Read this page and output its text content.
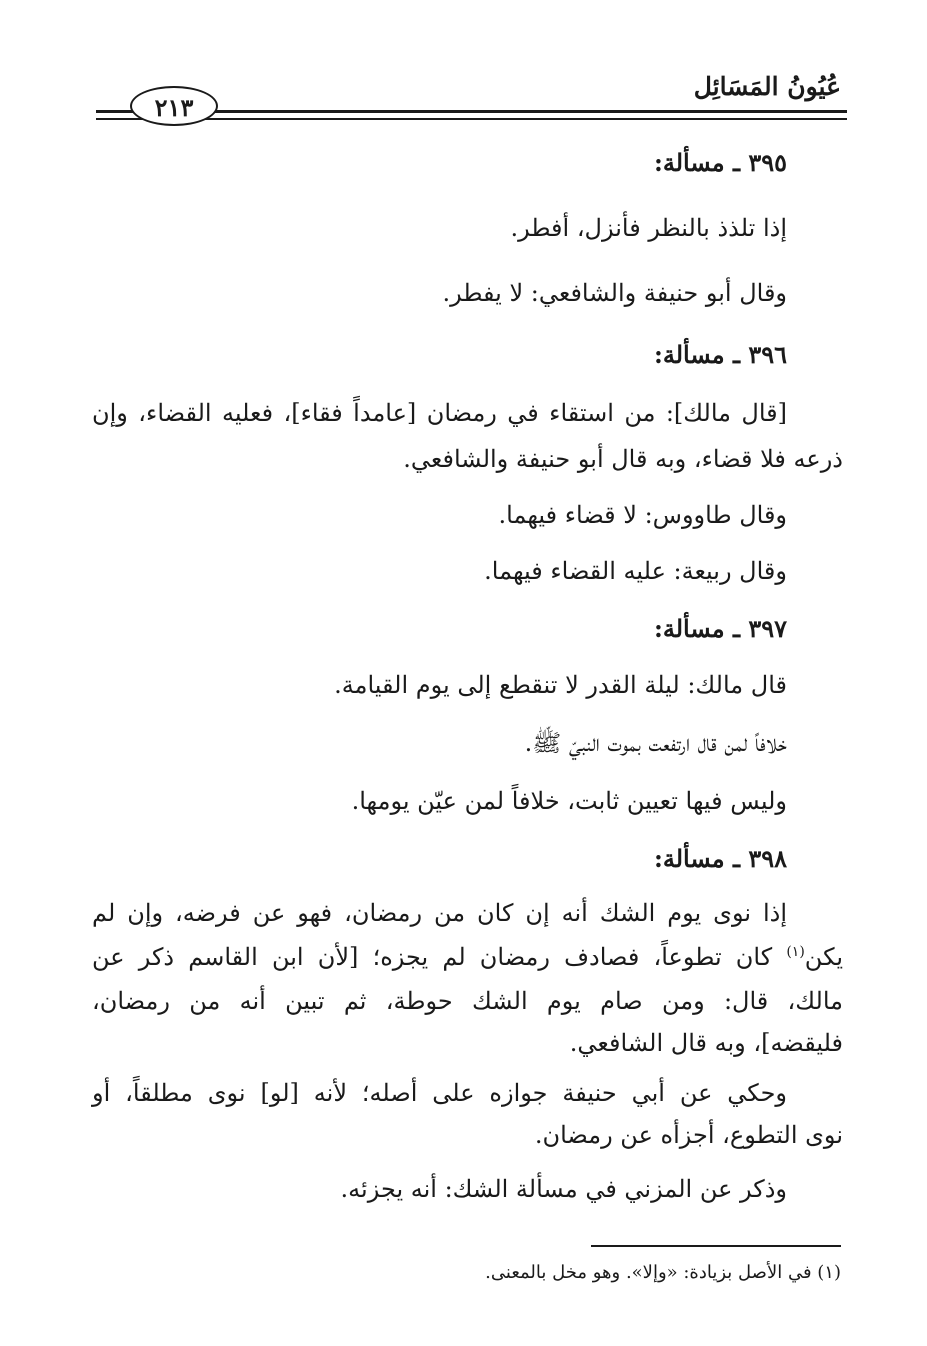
عُيُونُ المَسَائِل
٢١٣
٣٩٥ ـ مسألة:
إذا تلذذ بالنظر فأنزل، أفطر.
وقال أبو حنيفة والشافعي: لا يفطر.
٣٩٦ ـ مسألة:
[قال مالك]: من استقاء في رمضان [عامداً فقاء]، فعليه القضاء، وإن
ذرعه فلا قضاء، وبه قال أبو حنيفة والشافعي.
وقال طاووس: لا قضاء فيهما.
وقال ربيعة: عليه القضاء فيهما.
٣٩٧ ـ مسألة:
قال مالك: ليلة القدر لا تنقطع إلى يوم القيامة.
خلافاً لمن قال ارتفعت بموت النبيّ ﷺ.
وليس فيها تعيين ثابت، خلافاً لمن عيّن يومها.
٣٩٨ ـ مسألة:
إذا نوى يوم الشك أنه إن كان من رمضان، فهو عن فرضه، وإن لم
يكن$^{(١)}$ كان تطوعاً، فصادف رمضان لم يجزه؛ [لأن ابن القاسم ذكر عن
مالك، قال: ومن صام يوم الشك حوطة، ثم تبين أنه من رمضان،
فليقضه]، وبه قال الشافعي.
وحكي عن أبي حنيفة جوازه على أصله؛ لأنه [لو] نوى مطلقاً، أو
نوى التطوع، أجزأه عن رمضان.
وذكر عن المزني في مسألة الشك: أنه يجزئه.
(١) في الأصل بزيادة: «وإلا». وهو مخل بالمعنى.
